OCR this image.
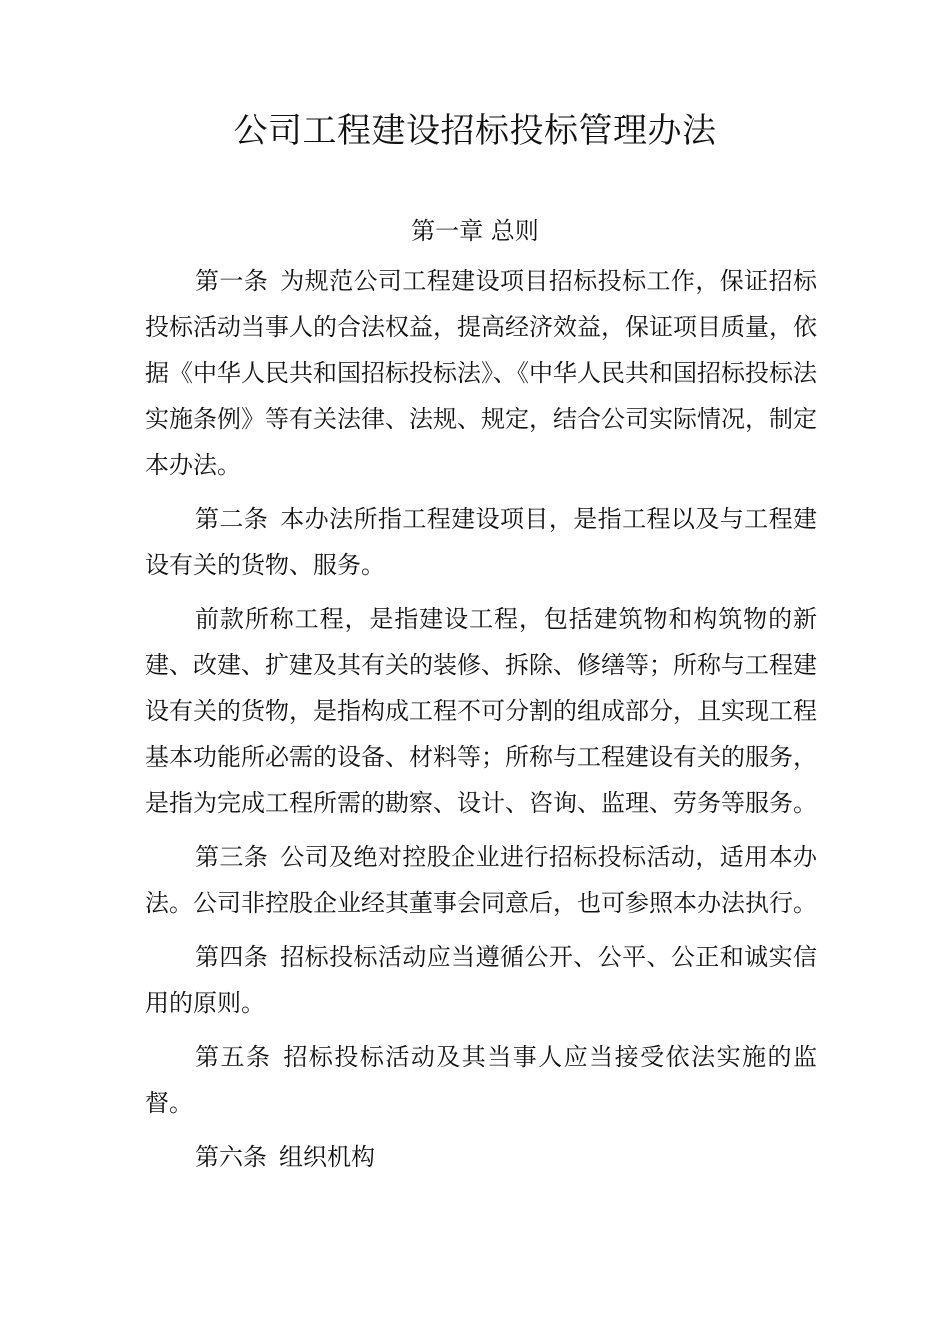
公司工程建设招标投标管理办法
第一章 总则

第一条 为规范公司工程建设项目招标投标工作，保证招标投标活动当事人的合法权益，提高经济效益，保证项目质量，依据《中华人民共和国招标投标法》、《中华人民共和国招标投标法实施条例》等有关法律、法规、规定，结合公司实际情况，制定本办法。

第二条 本办法所指工程建设项目，是指工程以及与工程建设有关的货物、服务。

前款所称工程，是指建设工程，包括建筑物和构筑物的新建、改建、扩建及其有关的装修、拆除、修缮等；所称与工程建设有关的货物，是指构成工程不可分割的组成部分，且实现工程基本功能所必需的设备、材料等；所称与工程建设有关的服务，是指为完成工程所需的勘察、设计、咨询、监理、劳务等服务。

第三条 公司及绝对控股企业进行招标投标活动，适用本办法。公司非控股企业经其董事会同意后，也可参照本办法执行。

第四条 招标投标活动应当遵循公开、公平、公正和诚实信用的原则。

第五条 招标投标活动及其当事人应当接受依法实施的监督。

第六条 组织机构
